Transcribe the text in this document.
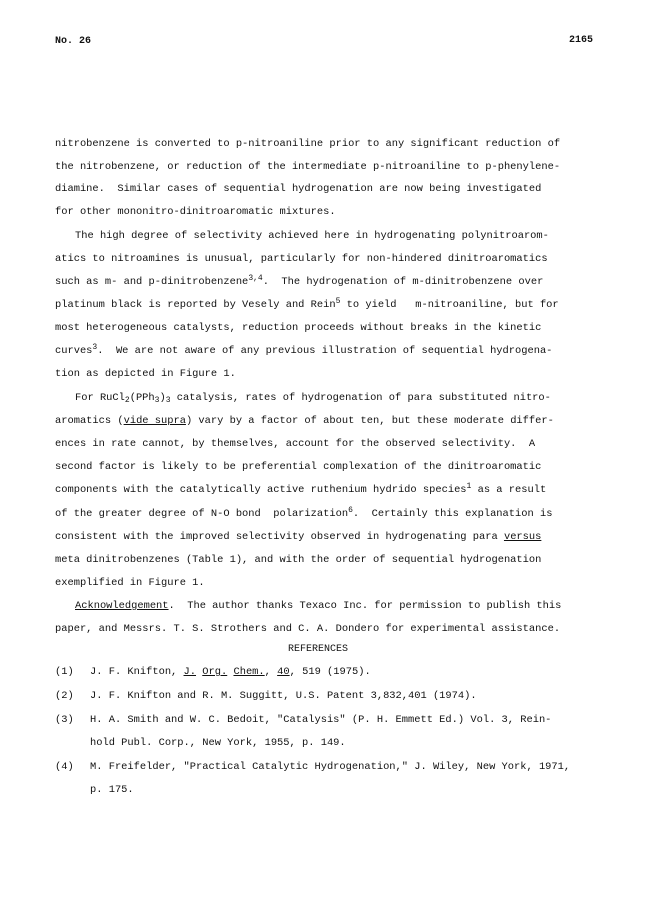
No. 26	2165
nitrobenzene is converted to p-nitroaniline prior to any significant reduction of
the nitrobenzene, or reduction of the intermediate p-nitroaniline to p-phenylene-
diamine.  Similar cases of sequential hydrogenation are now being investigated
for other mononitro-dinitroaromatic mixtures.
The high degree of selectivity achieved here in hydrogenating polynitroarom-
atics to nitroamines is unusual, particularly for non-hindered dinitroaromatics
such as m- and p-dinitrobenzene$^{3,4}$.  The hydrogenation of m-dinitrobenzene over
platinum black is reported by Vesely and Rein$^5$ to yield   m-nitroaniline, but for
most heterogeneous catalysts, reduction proceeds without breaks in the kinetic
curves$^3$.  We are not aware of any previous illustration of sequential hydrogena-
tion as depicted in Figure 1.
For $RuCl_2(PPh_3)_3$ catalysis, rates of hydrogenation of para substituted nitro-
aromatics (vide supra) vary by a factor of about ten, but these moderate differ-
ences in rate cannot, by themselves, account for the observed selectivity.  A
second factor is likely to be preferential complexation of the dinitroaromatic
components with the catalytically active ruthenium hydrido species$^1$ as a result
of the greater degree of N-O bond  polarization$^6$.  Certainly this explanation is
consistent with the improved selectivity observed in hydrogenating para versus
meta dinitrobenzenes (Table 1), and with the order of sequential hydrogenation
exemplified in Figure 1.
Acknowledgement.  The author thanks Texaco Inc. for permission to publish this
paper, and Messrs. T. S. Strothers and C. A. Dondero for experimental assistance.
REFERENCES
(1) J. F. Knifton, J. Org. Chem., 40, 519 (1975).
(2) J. F. Knifton and R. M. Suggitt, U.S. Patent 3,832,401 (1974).
(3) H. A. Smith and W. C. Bedoit, "Catalysis" (P. H. Emmett Ed.) Vol. 3, Rein-
hold Publ. Corp., New York, 1955, p. 149.
(4) M. Freifelder, "Practical Catalytic Hydrogenation," J. Wiley, New York, 1971,
p. 175.
